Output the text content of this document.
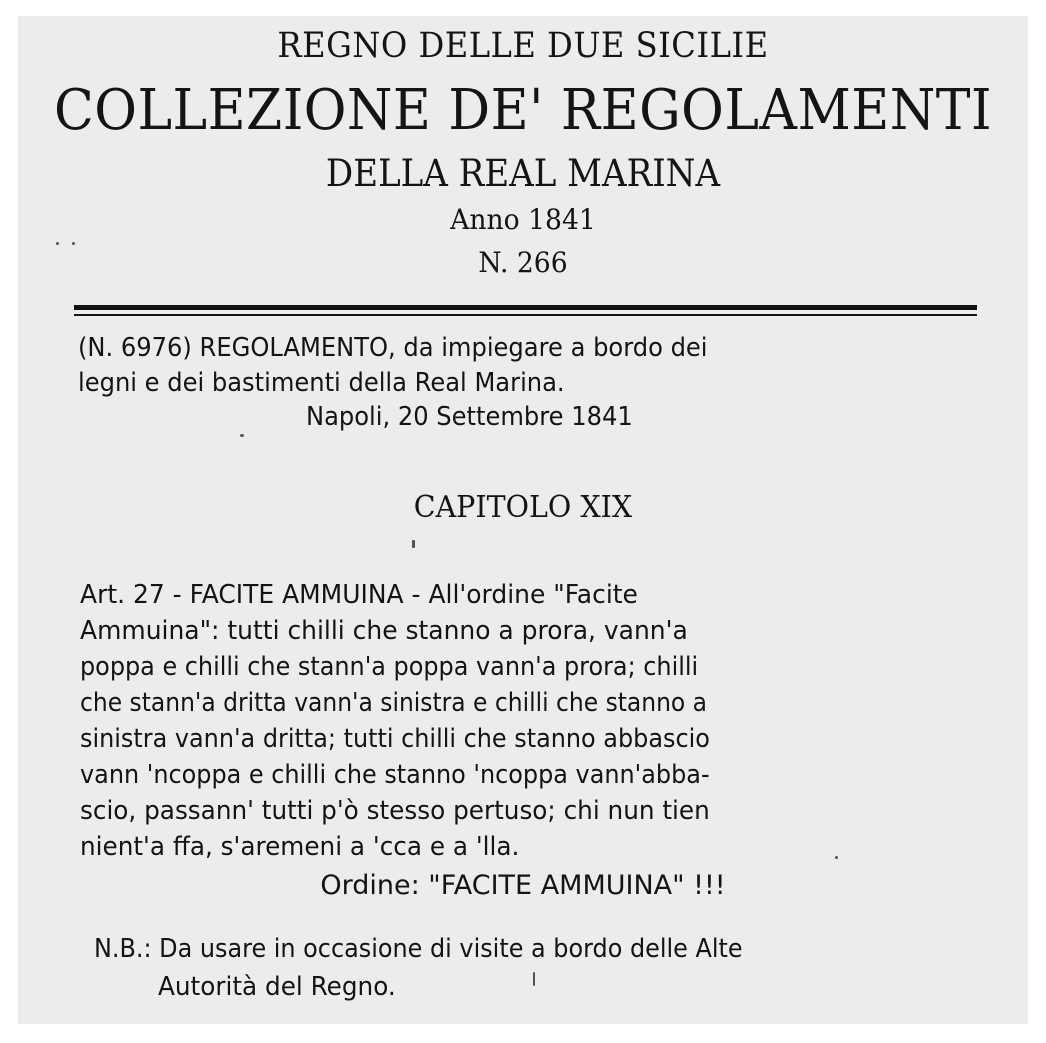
REGNO DELLE DUE SICILIE
COLLEZIONE DE' REGOLAMENTI
DELLA REAL MARINA
Anno 1841
N. 266
(N. 6976) REGOLAMENTO, da impiegare a bordo dei
legni e dei bastimenti della Real Marina.
Napoli, 20 Settembre 1841
CAPITOLO XIX
Art. 27 - FACITE AMMUINA - All'ordine "Facite
Ammuina": tutti chilli che stanno a prora, vann'a
poppa e chilli che stann'a poppa vann'a prora; chilli
che stann'a dritta vann'a sinistra e chilli che stanno a
sinistra vann'a dritta; tutti chilli che stanno abbascio
vann 'ncoppa e chilli che stanno 'ncoppa vann'abba-
scio, passann' tutti p'ò stesso pertuso; chi nun tien
nient'a ffa, s'aremeni a 'cca e a 'lla.
Ordine: "FACITE AMMUINA" !!!
N.B.: Da usare in occasione di visite a bordo delle Alte
Autorità del Regno.
